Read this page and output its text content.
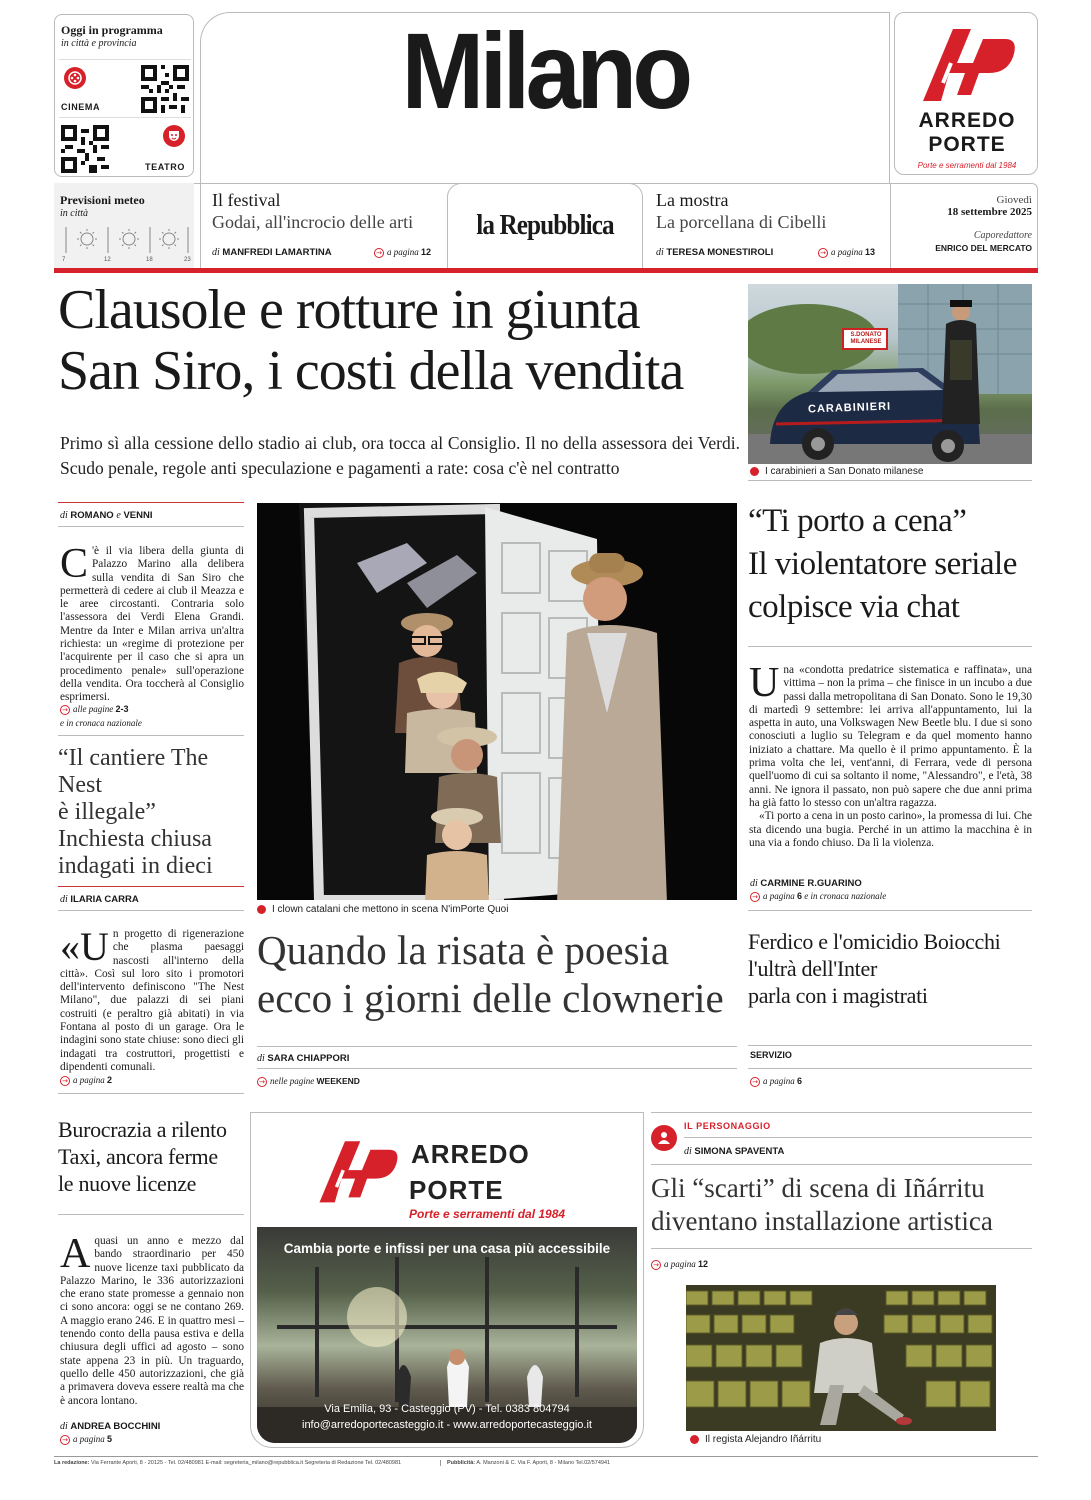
Oggi in programma
in città e provincia
CINEMA
TEATRO
Milano	ARREDO
PORTE
Porte e serramenti dal 1984
Previsioni meteo
in città
7	12	18	23
Il festival
Godai, all'incrocio delle arti
di MANFREDI LAMARTINA	→ a pagina 12
la Repubblica
La mostra
La porcellana di Cibelli
di TERESA MONESTIROLI	→ a pagina 13
Giovedì
18 settembre 2025
Caporedattore
ENRICO DEL MERCATO
Clausole e rotture in giunta
San Siro, i costi della vendita
Primo sì alla cessione dello stadio ai club, ora tocca al Consiglio. Il no della assessora dei Verdi. Scudo penale, regole anti speculazione e pagamenti a rate: cosa c'è nel contratto
S.DONATO MILANESE
CARABINIERI
I carabinieri a San Donato milanese
di ROMANO e VENNI
C 'è il via libera della giunta di Palazzo Marino alla delibera sulla vendita di San Siro che permetterà di cedere ai club il Meazza e le aree circostanti. Contraria solo l'assessora dei Verdi Elena Grandi. Mentre da Inter e Milan arriva un'altra richiesta: un «regime di protezione per l'acquirente per il caso che si apra un procedimento penale» sull'operazione della vendita. Ora toccherà al Consiglio esprimersi.
→ alle pagine 2-3
e in cronaca nazionale
“Il cantiere The Nest
è illegale”
Inchiesta chiusa
indagati in dieci
di ILARIA CARRA
«Un progetto di rigenerazione che plasma paesaggi nascosti all'interno della città». Così sul loro sito i promotori dell'intervento definiscono "The Nest Milano", due palazzi di sei piani costruiti (e peraltro già abitati) in via Fontana al posto di un garage. Ora le indagini sono state chiuse: sono dieci gli indagati tra costruttori, progettisti e dipendenti comunali.
→ a pagina 2
I clown catalani che mettono in scena N'imPorte Quoi
Quando la risata è poesia
ecco i giorni delle clownerie
di SARA CHIAPPORI
→ nelle pagine WEEKEND
“Ti porto a cena”
Il violentatore seriale
colpisce via chat
Una «condotta predatrice sistematica e raffinata», una vittima – non la prima – che finisce in un incubo a due passi dalla metropolitana di San Donato. Sono le 19,30 di martedì 9 settembre: lei arriva all'appuntamento, lui la aspetta in auto, una Volkswagen New Beetle blu. I due si sono conosciuti a luglio su Telegram e da quel momento hanno iniziato a chattare. Ma quello è il primo appuntamento. È la prima volta che lei, vent'anni, di Ferrara, vede di persona quell'uomo di cui sa soltanto il nome, "Alessandro", e l'età, 38 anni. Ne ignora il passato, non può sapere che due anni prima ha già fatto lo stesso con un'altra ragazza.
«Ti porto a cena in un posto carino», la promessa di lui. Che sta dicendo una bugia. Perché in un attimo la macchina è in una via a fondo chiuso. Da lì la violenza.
di CARMINE R.GUARINO
→ a pagina 6 e in cronaca nazionale
Ferdico e l'omicidio Boiocchi
l'ultrà dell'Inter
parla con i magistrati
SERVIZIO
→ a pagina 6
Burocrazia a rilento
Taxi, ancora ferme
le nuove licenze
Aquasi un anno e mezzo dal bando straordinario per 450 nuove licenze taxi pubblicato da Palazzo Marino, le 336 autorizzazioni che erano state promesse a gennaio non ci sono ancora: oggi se ne contano 269. A maggio erano 246. E in quattro mesi – tenendo conto della pausa estiva e della chiusura degli uffici ad agosto – sono state appena 23 in più. Un traguardo, quello delle 450 autorizzazioni, che già a primavera doveva essere realtà ma che è ancora lontano.
di ANDREA BOCCHINI
→ a pagina 5
ARREDO
PORTE
Porte e serramenti dal 1984
Cambia porte e infissi per una casa più accessibile
Via Emilia, 93 - Casteggio (PV) - Tel. 0383 804794
info@arredoportecasteggio.it - www.arredoportecasteggio.it
IL PERSONAGGIO
di SIMONA SPAVENTA
Gli “scarti” di scena di Iñárritu
diventano installazione artistica
→ a pagina 12
Il regista Alejandro Iñárritu
La redazione: Via Ferrante Aporti, 8 - 20125 - Tel. 02/480981 E-mail: segreteria_milano@repubblica.it Segreteria di Redazione Tel. 02/480981	Pubblicità: A. Manzoni & C. Via F. Aporti, 8 - Milano Tel.02/574941
